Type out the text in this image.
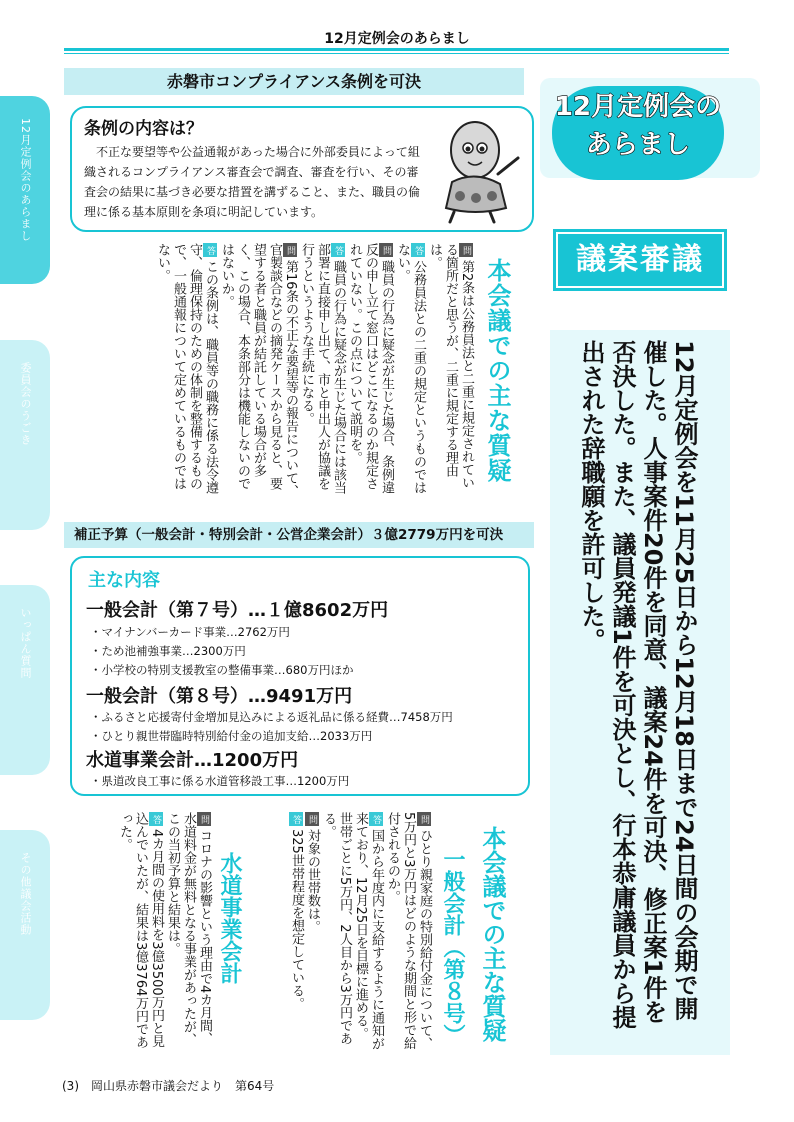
12月定例会のあらまし
12月定例会のあらまし
委員会のうごき
いっぱん質問
その他議会活動
赤磐市コンプライアンス条例を可決
条例の内容は？
不正な要望等や公益通報があった場合に外部委員によって組織されるコンプライアンス審査会で調査、審査を行い、その審査会の結果に基づき必要な措置を講ずること、また、職員の倫理に係る基本原則を条項に明記しています。
12月定例会の
あらまし
議案審議
12月定例会を11月25日から12月18日まで24日間の会期で開催した。人事案件20件を同意、議案24件を可決、修正案1件を否決した。また、議員発議1件を可決とし、行本恭庸議員から提出された辞職願を許可した。
本会議での主な質疑

問第2条は公務員法と二重に規定されている箇所だと思うが、二重に規定する理由は。

答公務員法との二重の規定というものではない。

問職員の行為に疑念が生じた場合、条例違反の申し立て窓口はどこになるのか規定されていない。この点について説明を。

答職員の行為に疑念が生じた場合には該当部署に直接申し出て、市と申出人が協議を行うというような手続になる。

問第16条の不正な要望等の報告について、官製談合などの摘発ケースから見ると、要望する者と職員が結託している場合が多く、この場合、本条部分は機能しないのではないか。

答この条例は、職員等の職務に係る法令遵守、倫理保持のための体制を整備するもので、一般通報について定めているものではない。

補正予算（一般会計・特別会計・公営企業会計）３億2779万円を可決
主な内容
一般会計（第７号）…１億8602万円
・マイナンバーカード事業…2762万円
・ため池補強事業…2300万円
・小学校の特別支援教室の整備事業…680万円ほか
一般会計（第８号）…9491万円
・ふるさと応援寄付金増加見込みによる返礼品に係る経費…7458万円
・ひとり親世帯臨時特別給付金の追加支給…2033万円
水道事業会計…1200万円
・県道改良工事に係る水道管移設工事…1200万円
本会議での主な質疑
一般会計（第８号）

問ひとり親家庭の特別給付金について、5万円と3万円はどのような期間と形で給付されるのか。

答国から年度内に支給するように通知が来ており、12月25日を目標に進める。世帯ごとに5万円、2人目から3万円である。

問対象の世帯数は。

答325世帯程度を想定している。

水道事業会計

問コロナの影響という理由で4カ月間、水道料金が無料となる事業があったが、この当初予算と結果は。

答4カ月間の使用料を3億3500万円と見込んでいたが、結果は3億3764万円であった。

(3)　 岡山県赤磐市議会だより　第64号
